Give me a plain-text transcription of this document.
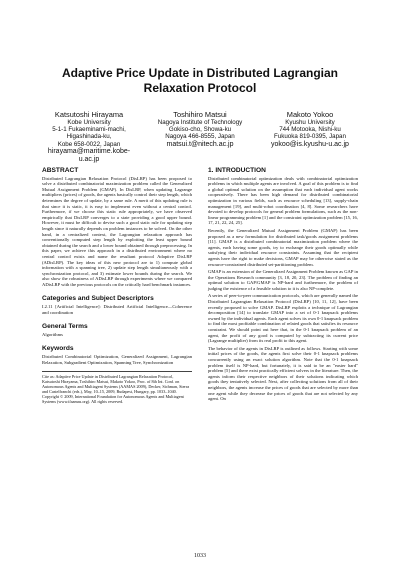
Adaptive Price Update in Distributed Lagrangian
Relaxation Protocol
Katsutoshi Hirayama
Kobe University
5-1-1 Fukaeminami-machi,
Higashinada-ku,
Kobe 658-0022, Japan
hirayama@maritime.kobe-
u.ac.jp
Toshihiro Matsui
Nagoya Institute of Technology
Gokiso-cho, Showa-ku
Nagoya 466-8555, Japan
matsui.t@nitech.ac.jp
Makoto Yokoo
Kyushu University
744 Motooka, Nishi-ku
Fukuoka 819-0395, Japan
yokoo@is.kyushu-u.ac.jp
ABSTRACT

Distributed Lagrangian Relaxation Protocol (DisLRP) has been proposed to solve a distributed combinatorial maximization problem called the Generalized Mutual Assignment Problem (GMAP). In DisLRP, when updating Lagrange multipliers (prices) of goods, the agents basically control their step length, which determines the degree of update, by a same rule. A merit of this updating rule is that since it is static, it is easy to implement even without a central control. Furthermore, if we choose this static rule appropriately, we have observed empirically that DisLRP converges to a state providing a good upper bound. However, it must be difficult to devise such a good static rule for updating step length since it naturally depends on problem instances to be solved. On the other hand, in a centralized context, the Lagrangian relaxation approach has conventionally computed step length by exploiting the least upper bound obtained during the search and a lower bound obtained through preprocessing. In this paper, we achieve this approach in a distributed environment where no central control exists and name the resultant protocol Adaptive DisLRP (ADisLRP). The key ideas of this new protocol are to 1) compute global information with a spanning tree, 2) update step length simultaneously with a synchronization protocol, and 3) estimate lower bounds during the search. We also show the robustness of ADisLRP through experiments where we compared ADisLRP with the previous protocols on the critically hard benchmark instances.

Categories and Subject Descriptors

I.2.11 [Artificial Intelligence]: Distributed Artificial Intelligence—Coherence and coordination

General Terms

Algorithms

Keywords

Distributed Combinatorial Optimization, Generalized Assignment, Lagrangian Relaxation, Subgradient Optimization, Spanning Tree, Synchronization

Cite as: Adaptive Price Update in Distributed Lagrangian Relaxation Protocol, Katsutoshi Hirayama, Toshihiro Matsui, Makoto Yokoo, Proc. of 8th Int. Conf. on Autonomous Agents and Multiagent Systems (AAMAS 2009), Decker, Sichman, Sierra and Castelfranchi (eds.), May, 10–15, 2009, Budapest, Hungary, pp. 1033–1040. Copyright © 2009, International Foundation for Autonomous Agents and Multiagent Systems (www.ifaamas.org). All rights reserved.
1. INTRODUCTION

Distributed combinatorial optimization deals with combinatorial optimization problems in which multiple agents are involved. A goal of this problem is to find a global optimal solution on the assumption that each individual agent works cooperatively. There has been high demand for distributed combinatorial optimization in various fields, such as resource scheduling [13], supply-chain management [19], and multi-robot coordination [4, 8]. Some researchers have devoted to develop protocols for general problem formulations, such as the non-linear programming problem [1] and the constraint optimization problem [15, 16, 17, 21, 22, 24, 25].

Recently, the Generalized Mutual Assignment Problem (GMAP) has been proposed as a new formulation for distributed task/goods assignment problems [11]. GMAP is a distributed combinatorial maximization problem where the agents, each having some goods, try to exchange their goods optimally while satisfying their individual resource constraints. Assuming that the recipient agents have the right to make decisions, GMAP may be otherwise stated as the resource-constrained distributed set-partitioning problem.

GMAP is an extension of the Generalized Assignment Problem known as GAP in the Operations Research community [3, 18, 20, 23]. The problem of finding an optimal solution to GAP/GMAP is NP-hard and furthermore, the problem of judging the existence of a feasible solution to it is also NP-complete.

A series of peer-to-peer communication protocols, which are generally named the Distributed Lagrangian Relaxation Protocol (DisLRP) [10, 11, 12], have been recently proposed to solve GMAP. DisLRP exploits a technique of Lagrangian decomposition [14] to translate GMAP into a set of 0-1 knapsack problems owned by the individual agents. Each agent solves its own 0-1 knapsack problem to find the most profitable combination of related goods that satisfies its resource constraint. We should point out here that, in the 0-1 knapsack problem of an agent, the profit of any good is computed by subtracting its current price (Lagrange multiplier) from its real profit to this agent.

The behavior of the agents in DisLRP is outlined as follows. Starting with some initial prices of the goods, the agents first solve their 0-1 knapsack problems concurrently using an exact solution algorithm. Note that the 0-1 knapsack problem itself is NP-hard, but fortunately, it is said to be an "easier hard" problem [5] and there exist practically efficient solvers in the literature. Then, the agents inform their respective neighbors of their solutions indicating which goods they tentatively selected. Next, after collecting solutions from all of their neighbors, the agents increase the prices of goods that are selected by more than one agent while they decrease the prices of goods that are not selected by any agent. On

1033
